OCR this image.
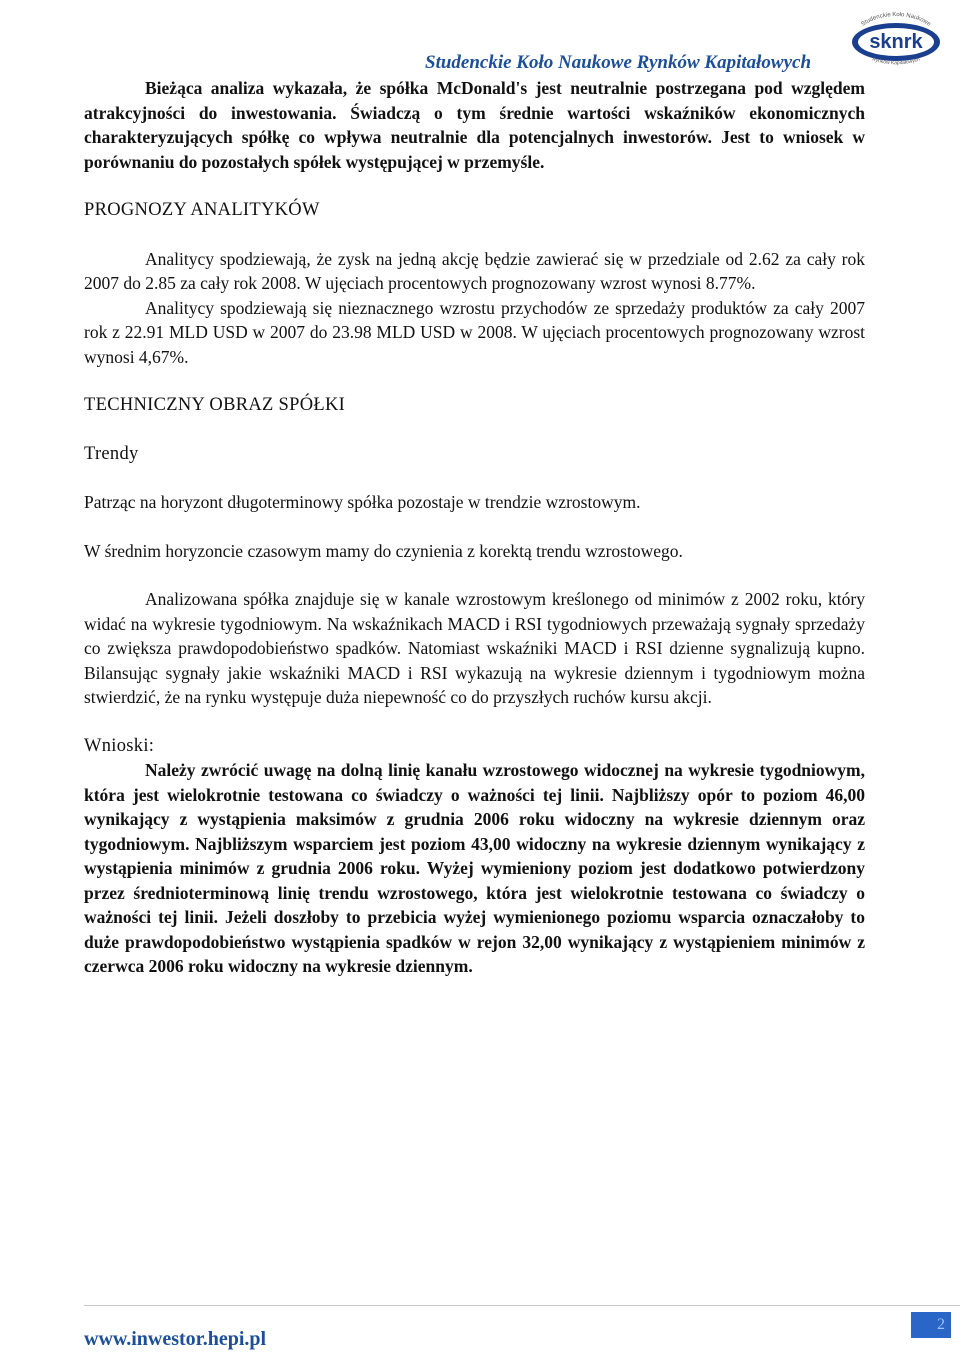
Studenckie Koło Naukowe Rynków Kapitałowych
sknrk
Studenckie Koło Naukowe
Rynków Kapitałowych

Bieżąca analiza wykazała, że spółka McDonald's jest neutralnie postrzegana pod względem atrakcyjności do inwestowania. Świadczą o tym średnie wartości wskaźników ekonomicznych charakteryzujących spółkę co wpływa neutralnie dla potencjalnych inwestorów. Jest to wniosek w porównaniu do pozostałych spółek występującej w przemyśle.

PROGNOZY ANALITYKÓW

Analitycy spodziewają, że zysk na jedną akcję będzie zawierać się w przedziale od 2.62 za cały rok 2007 do 2.85 za cały rok 2008. W ujęciach procentowych prognozowany wzrost wynosi 8.77%.

Analitycy spodziewają się nieznacznego wzrostu przychodów ze sprzedaży produktów za cały 2007 rok z 22.91 MLD USD w 2007 do 23.98 MLD USD w 2008. W ujęciach procentowych prognozowany wzrost wynosi 4,67%.

TECHNICZNY OBRAZ SPÓŁKI
Trendy

Patrząc na horyzont długoterminowy spółka pozostaje w trendzie wzrostowym.

W średnim horyzoncie czasowym mamy do czynienia z korektą trendu wzrostowego.

Analizowana spółka znajduje się w kanale wzrostowym kreślonego od minimów z 2002 roku, który widać na wykresie tygodniowym. Na wskaźnikach MACD i RSI tygodniowych przeważają sygnały sprzedaży co zwiększa prawdopodobieństwo spadków. Natomiast wskaźniki MACD i RSI dzienne sygnalizują kupno. Bilansując sygnały jakie wskaźniki MACD i RSI wykazują na wykresie dziennym i tygodniowym można stwierdzić, że na rynku występuje duża niepewność co do przyszłych ruchów kursu akcji.

Wnioski:

Należy zwrócić uwagę na dolną linię kanału wzrostowego widocznej na wykresie tygodniowym, która jest wielokrotnie testowana co świadczy o ważności tej linii. Najbliższy opór to poziom 46,00 wynikający z wystąpienia maksimów z grudnia 2006 roku widoczny na wykresie dziennym oraz tygodniowym. Najbliższym wsparciem jest poziom 43,00 widoczny na wykresie dziennym wynikający z wystąpienia minimów z grudnia 2006 roku. Wyżej wymieniony poziom jest dodatkowo potwierdzony przez średnioterminową linię trendu wzrostowego, która jest wielokrotnie testowana co świadczy o ważności tej linii. Jeżeli doszłoby to przebicia wyżej wymienionego poziomu wsparcia oznaczałoby to duże prawdopodobieństwo wystąpienia spadków w rejon 32,00 wynikający z wystąpieniem minimów z czerwca 2006 roku widoczny na wykresie dziennym.

www.inwestor.hepi.pl
2
